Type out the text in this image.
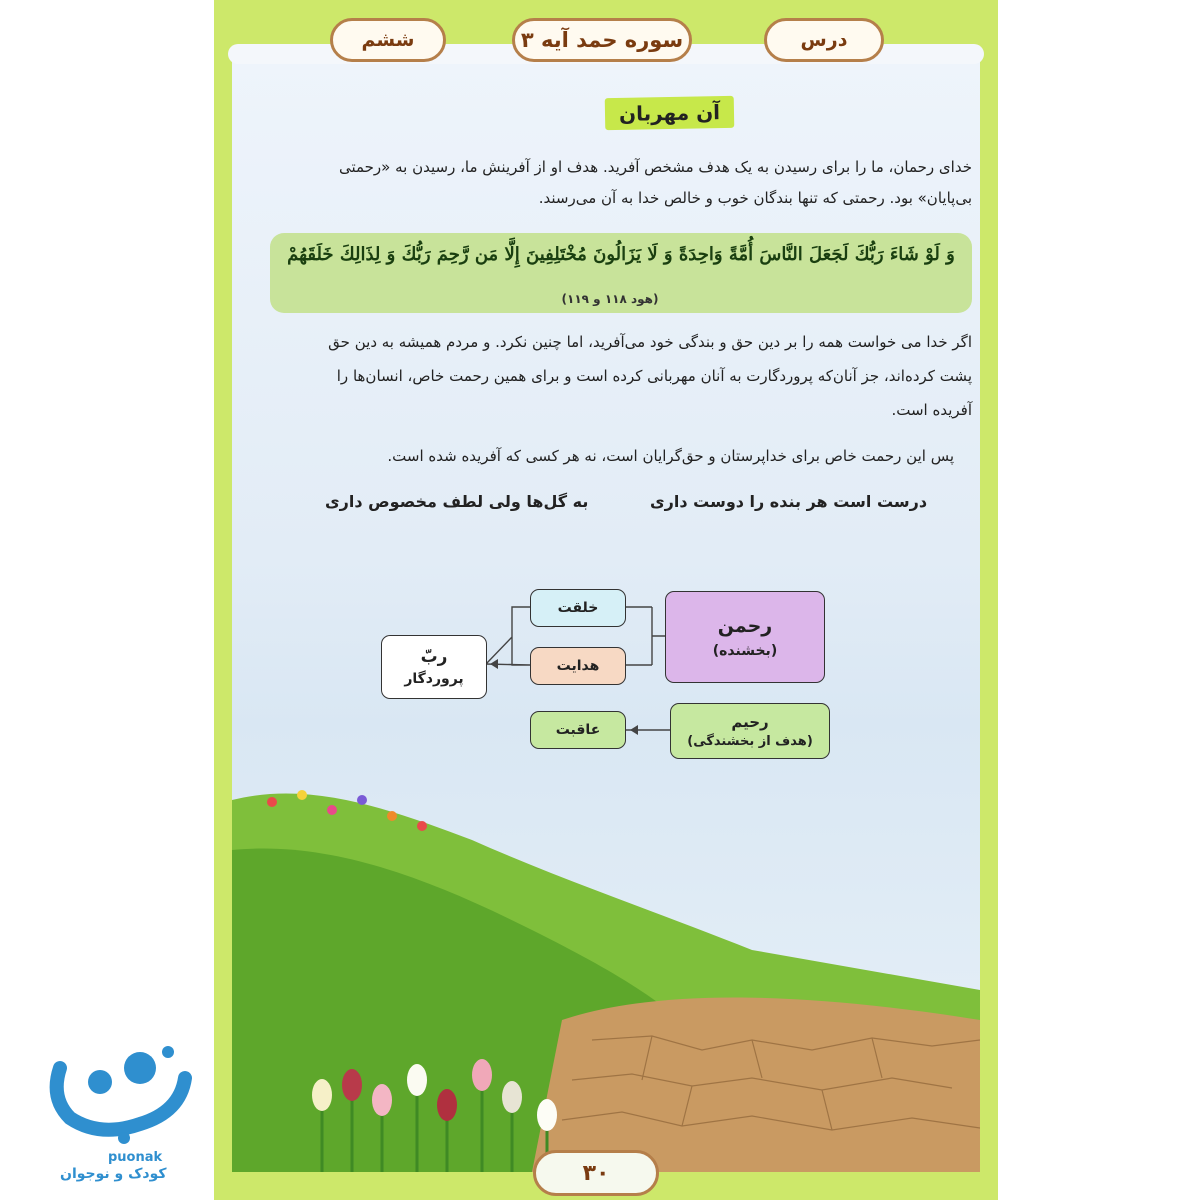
درس
سوره حمد آیه ۳
ششم
آن مهربان
خدای رحمان، ما را برای رسیدن به یک هدف مشخص آفرید. هدف او از آفرینش ما، رسیدن به «رحمتی
بی‌پایان» بود. رحمتی که تنها بندگان خوب و خالص خدا به آن می‌رسند.
وَ لَوْ شَاءَ رَبُّكَ لَجَعَلَ النَّاسَ أُمَّةً وَاحِدَةً وَ لَا يَزَالُونَ مُخْتَلِفِينَ إِلَّا مَن رَّحِمَ رَبُّكَ وَ لِذَالِكَ خَلَقَهُمْ
(هود ۱۱۸ و ۱۱۹)
اگر خدا می خواست همه را بر دین حق و بندگی خود می‌آفرید، اما چنین نکرد. و مردم همیشه به دین حق
پشت کرده‌اند، جز آنان‌که پروردگارت به آنان مهربانی کرده است و برای همین رحمت خاص، انسان‌ها را
آفریده است.
پس این رحمت خاص برای خداپرستان و حق‌گرایان است، نه هر کسی که آفریده شده است.
درست است هر بنده را دوست داری
به گل‌ها ولی لطف مخصوص داری
رحمن
(بخشنده)
رحیم
(هدف از بخشندگی)
خلقت
هدایت
عاقبت
ربّ
پروردگار
۳۰
puonak
کودک و نوجوان
